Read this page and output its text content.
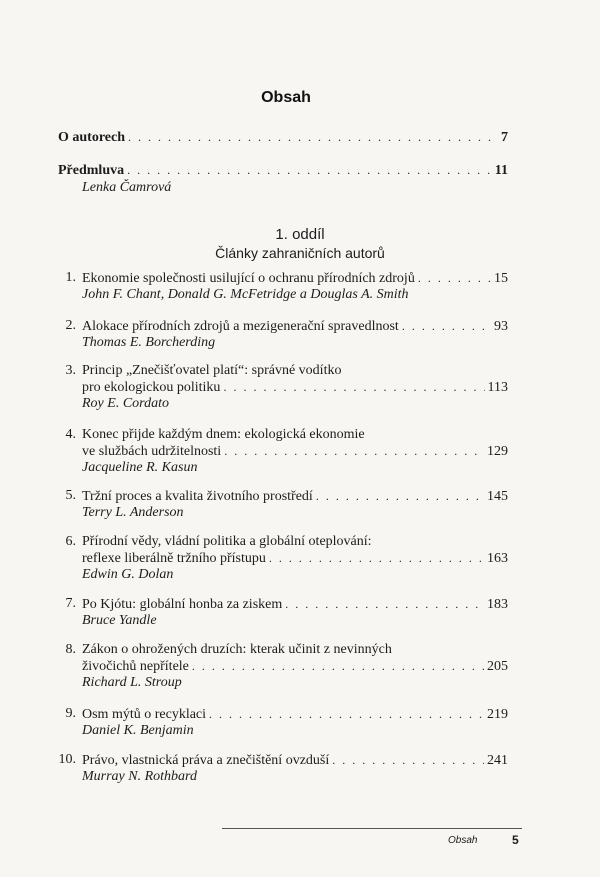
Obsah
O autorech . . .	7
Předmluva . . .	11
Lenka Čamrová
1. oddíl
Články zahraničních autorů
1. Ekonomie společnosti usilující o ochranu přírodních zdrojů . . .	15
John F. Chant, Donald G. McFetridge a Douglas A. Smith
2. Alokace přírodních zdrojů a mezigenerační spravedlnost . . .	93
Thomas E. Borcherding
3. Princip „Znečišťovatel platí“: správné vodítko
pro ekologickou politiku . . .	113
Roy E. Cordato
4. Konec přijde každým dnem: ekologická ekonomie
ve službách udržitelnosti . . .	129
Jacqueline R. Kasun
5. Tržní proces a kvalita životního prostředí . . .	145
Terry L. Anderson
6. Přírodní vědy, vládní politika a globální oteplování:
reflexe liberálně tržního přístupu . . .	163
Edwin G. Dolan
7. Po Kjótu: globální honba za ziskem . . .	183
Bruce Yandle
8. Zákon o ohrožených druzích: kterak učinit z nevinných
živočichů nepřítele . . .	205
Richard L. Stroup
9. Osm mýtů o recyklaci . . .	219
Daniel K. Benjamin
10. Právo, vlastnická práva a znečištění ovzduší . . .	241
Murray N. Rothbard
Obsah	5
